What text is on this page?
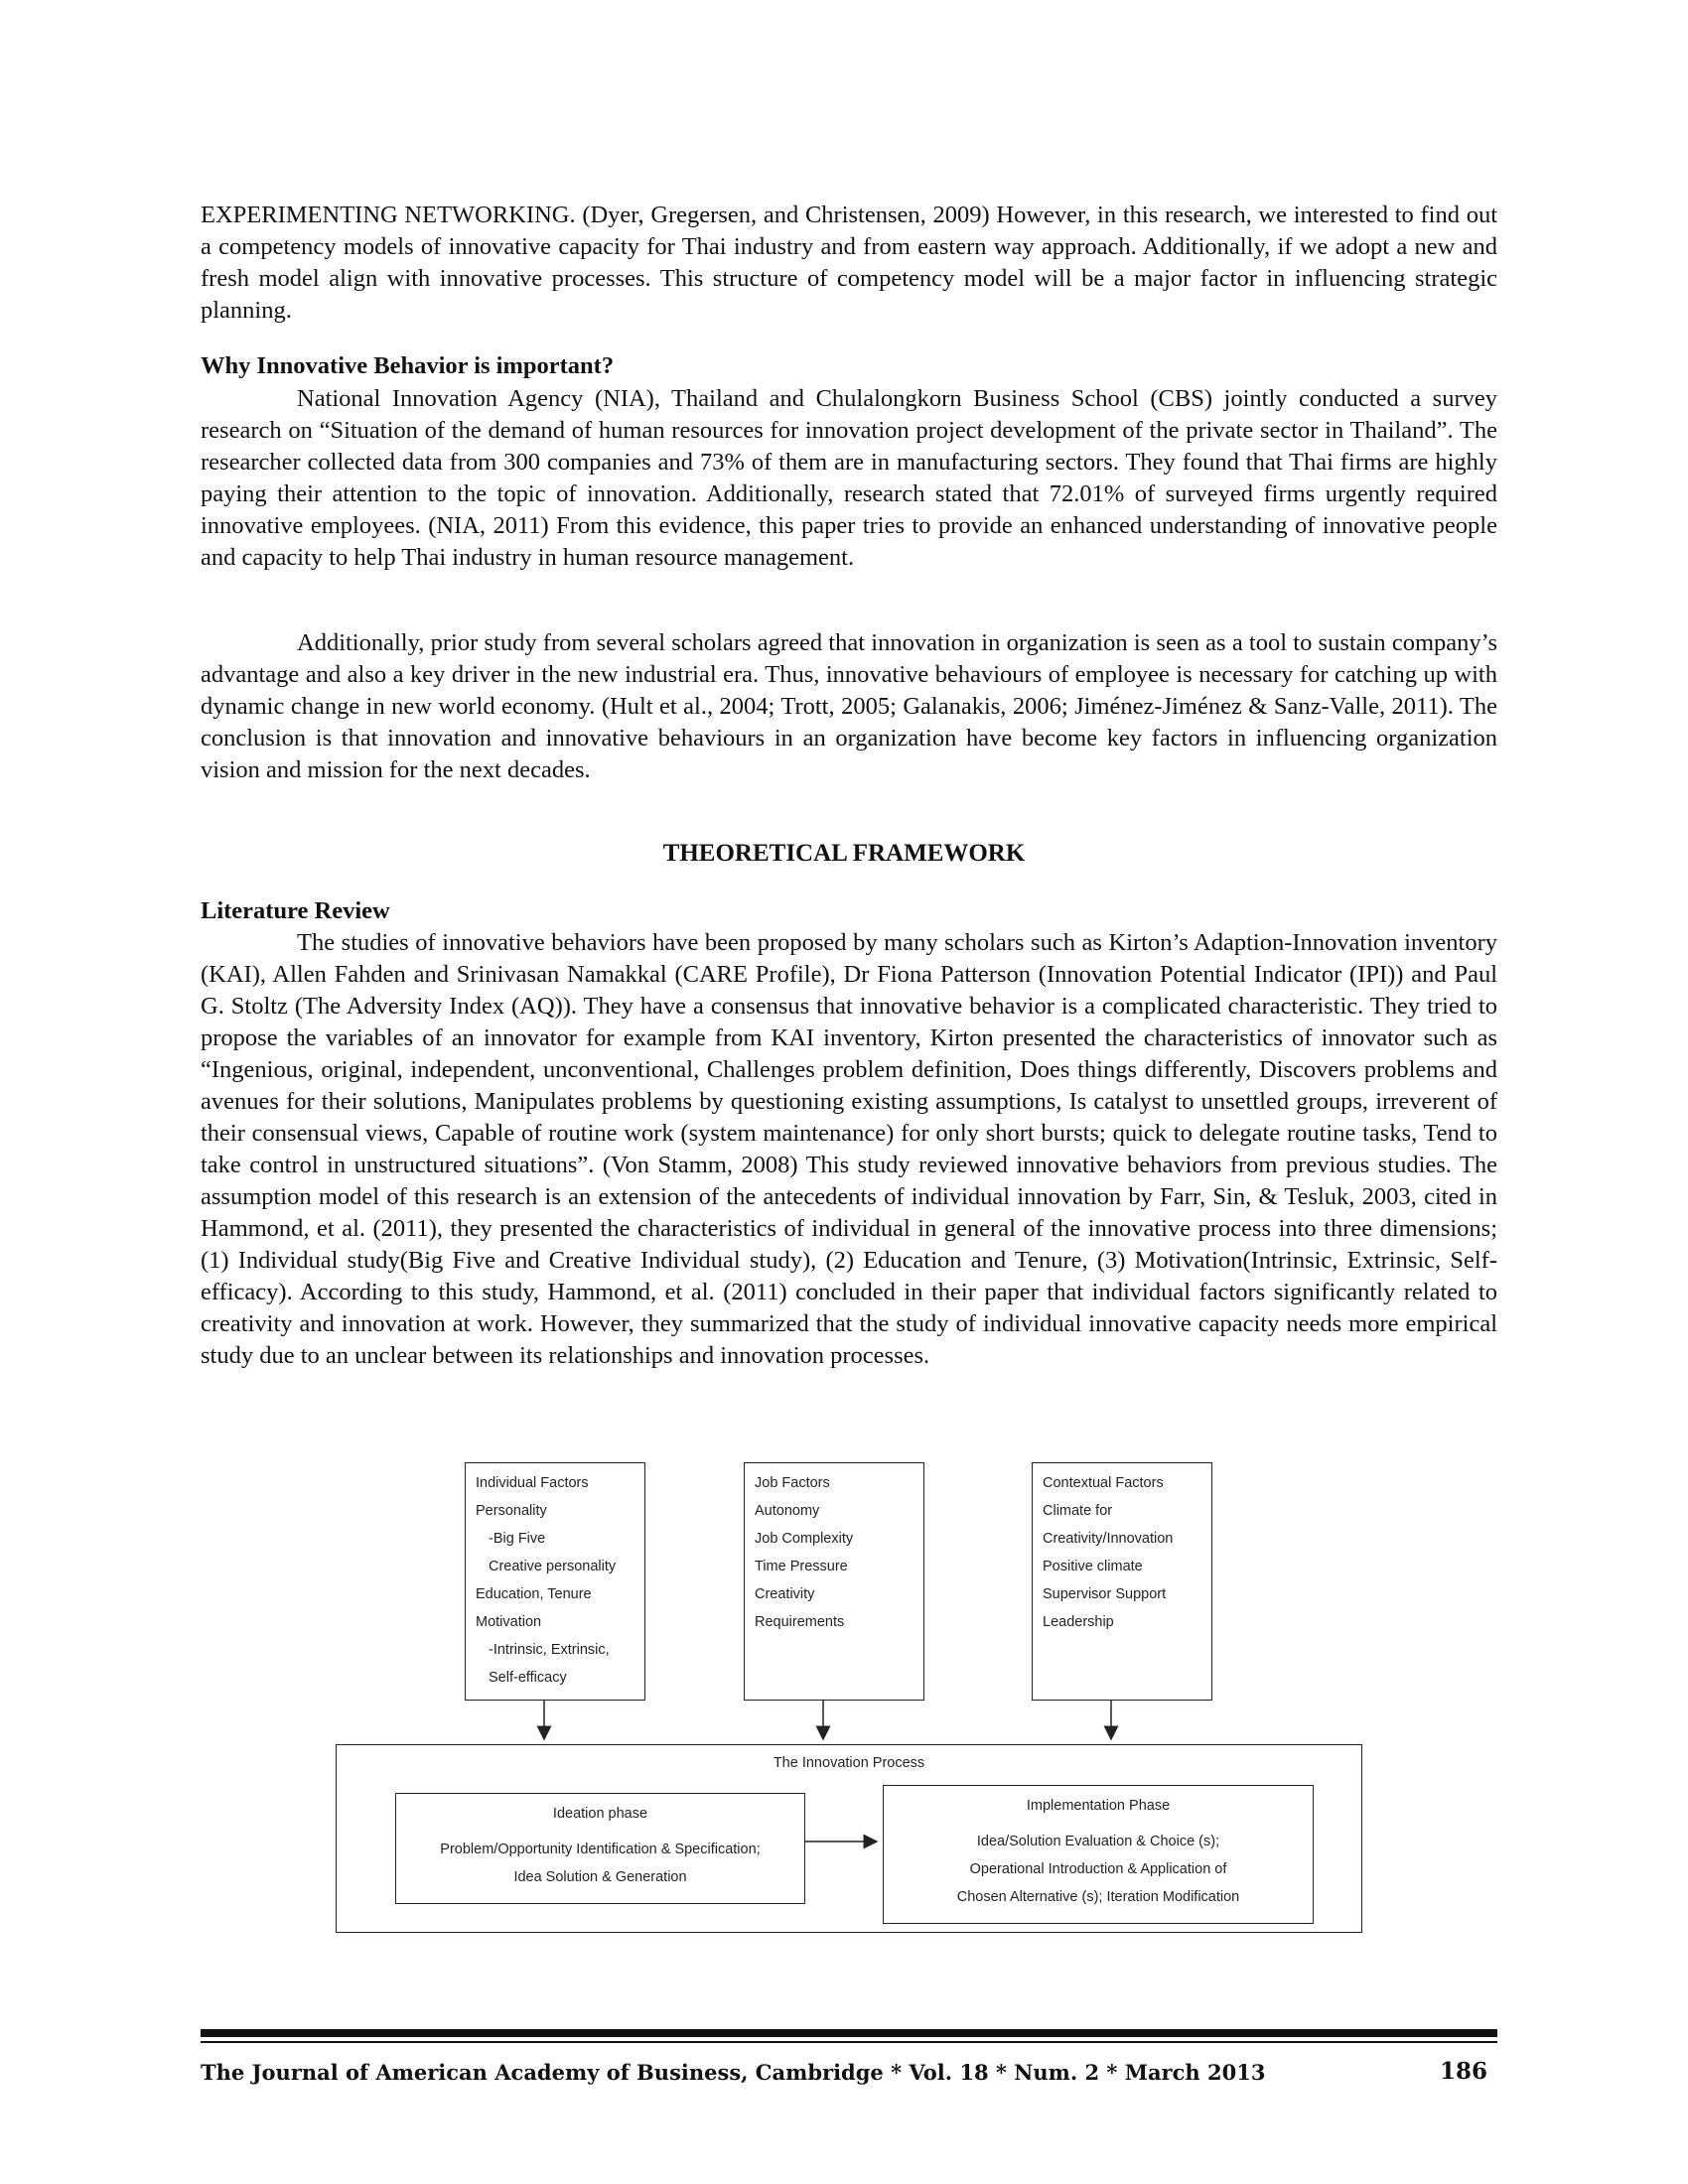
EXPERIMENTING NETWORKING. (Dyer, Gregersen, and Christensen, 2009) However, in this research, we interested to find out a competency models of innovative capacity for Thai industry and from eastern way approach. Additionally, if we adopt a new and fresh model align with innovative processes. This structure of competency model will be a major factor in influencing strategic planning.

Why Innovative Behavior is important?

National Innovation Agency (NIA), Thailand and Chulalongkorn Business School (CBS) jointly conducted a survey research on “Situation of the demand of human resources for innovation project development of the private sector in Thailand”. The researcher collected data from 300 companies and 73% of them are in manufacturing sectors. They found that Thai firms are highly paying their attention to the topic of innovation. Additionally, research stated that 72.01% of surveyed firms urgently required innovative employees. (NIA, 2011) From this evidence, this paper tries to provide an enhanced understanding of innovative people and capacity to help Thai industry in human resource management.

Additionally, prior study from several scholars agreed that innovation in organization is seen as a tool to sustain company’s advantage and also a key driver in the new industrial era. Thus, innovative behaviours of employee is necessary for catching up with dynamic change in new world economy. (Hult et al., 2004; Trott, 2005; Galanakis, 2006; Jiménez-Jiménez & Sanz-Valle, 2011). The conclusion is that innovation and innovative behaviours in an organization have become key factors in influencing organization vision and mission for the next decades.

THEORETICAL FRAMEWORK
Literature Review

The studies of innovative behaviors have been proposed by many scholars such as Kirton’s Adaption-Innovation inventory (KAI), Allen Fahden and Srinivasan Namakkal (CARE Profile), Dr Fiona Patterson (Innovation Potential Indicator (IPI)) and Paul G. Stoltz (The Adversity Index (AQ)). They have a consensus that innovative behavior is a complicated characteristic. They tried to propose the variables of an innovator for example from KAI inventory, Kirton presented the characteristics of innovator such as “Ingenious, original, independent, unconventional, Challenges problem definition, Does things differently, Discovers problems and avenues for their solutions, Manipulates problems by questioning existing assumptions, Is catalyst to unsettled groups, irreverent of their consensual views, Capable of routine work (system maintenance) for only short bursts; quick to delegate routine tasks, Tend to take control in unstructured situations”. (Von Stamm, 2008) This study reviewed innovative behaviors from previous studies. The assumption model of this research is an extension of the antecedents of individual innovation by Farr, Sin, & Tesluk, 2003, cited in Hammond, et al. (2011), they presented the characteristics of individual in general of the innovative process into three dimensions; (1) Individual study(Big Five and Creative Individual study), (2) Education and Tenure, (3) Motivation(Intrinsic, Extrinsic, Self-efficacy). According to this study, Hammond, et al. (2011) concluded in their paper that individual factors significantly related to creativity and innovation at work. However, they summarized that the study of individual innovative capacity needs more empirical study due to an unclear between its relationships and innovation processes.

Individual Factors
Personality
-Big Five
Creative personality
Education, Tenure
Motivation
-Intrinsic, Extrinsic,
Self-efficacy
Job Factors
Autonomy
Job Complexity
Time Pressure
Creativity
Requirements
Contextual Factors
Climate for
Creativity/Innovation
Positive climate
Supervisor Support
Leadership
The Innovation Process
Ideation phase
Problem/Opportunity Identification & Specification;
Idea Solution & Generation
Implementation Phase
Idea/Solution Evaluation & Choice (s);
Operational Introduction & Application of
Chosen Alternative (s); Iteration Modification
The Journal of American Academy of Business, Cambridge * Vol. 18 * Num. 2 * March 2013	186
